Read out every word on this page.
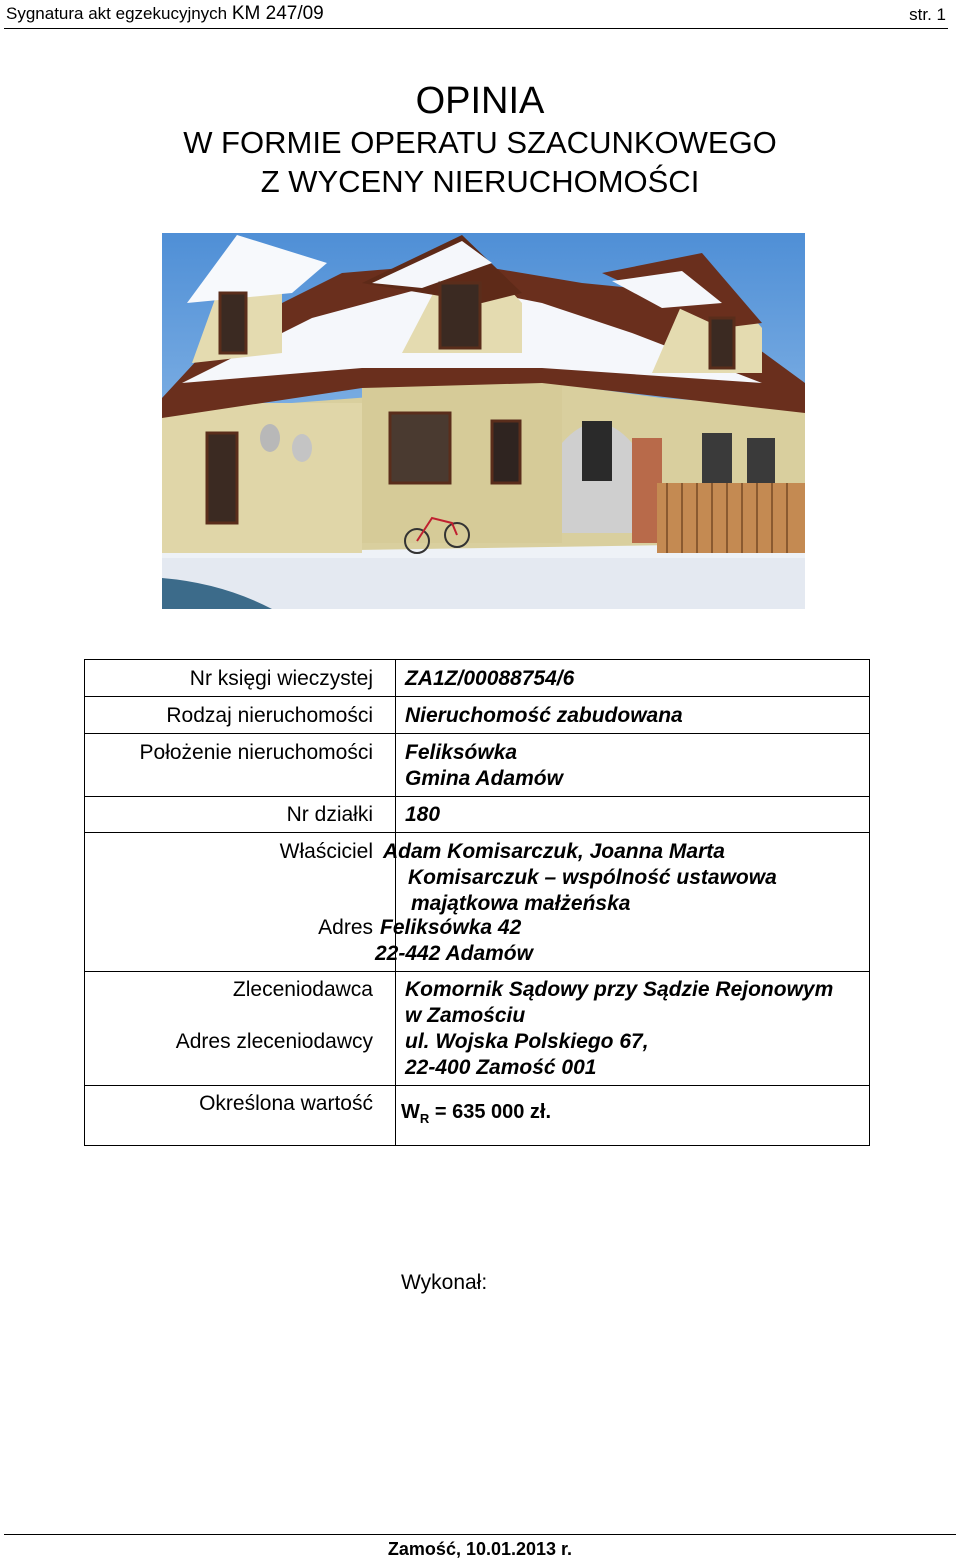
Sygnatura akt egzekucyjnych KM 247/09	str. 1
OPINIA
W FORMIE OPERATU SZACUNKOWEGO
Z WYCENY NIERUCHOMOŚCI
Nr księgi wieczystej ZA1Z/00088754/6
Rodzaj nieruchomości Nieruchomość zabudowana
Położenie nieruchomości Feliksówka
Gmina Adamów
Nr działki 180
Właściciel Adam Komisarczuk, Joanna Marta
Komisarczuk – wspólność ustawowa
majątkowa małżeńska
Adres Feliksówka 42
22-442 Adamów
Zleceniodawca Komornik Sądowy przy Sądzie Rejonowym
w Zamościu
Adres zleceniodawcy ul. Wojska Polskiego 67,
22-400 Zamość 001
Określona wartość $W_R = 635$ 000 zł.
Wykonał:
Zamość, 10.01.2013 r.
